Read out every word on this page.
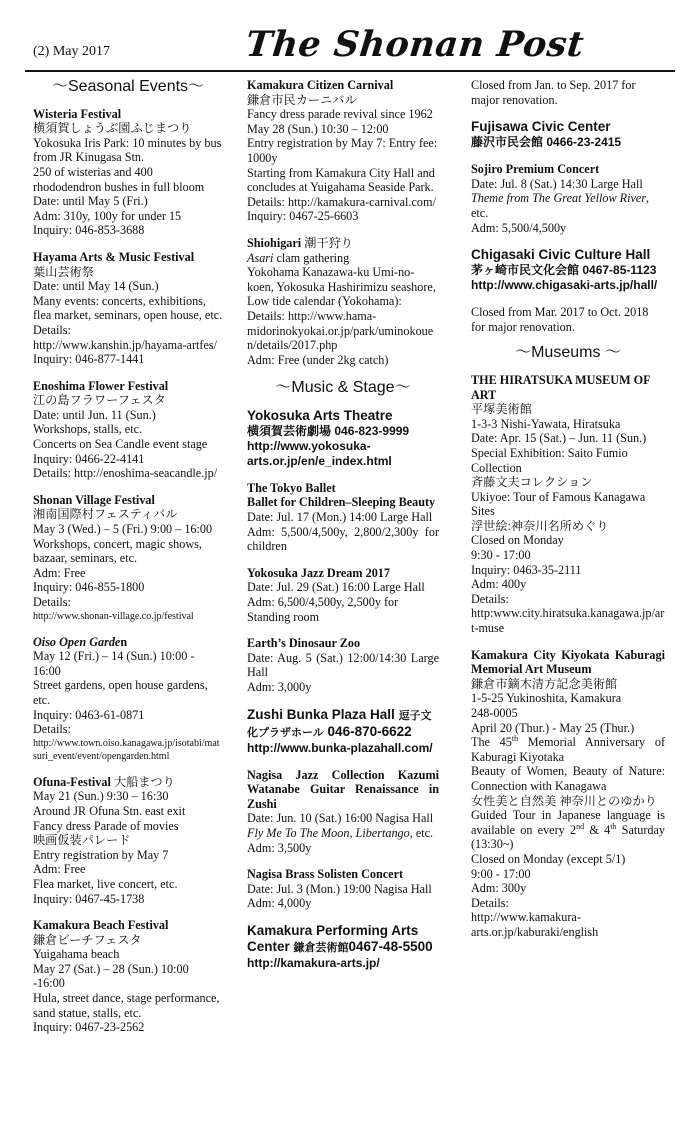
(2) May 2017	The Shonan Post
～Seasonal Events～
Wisteria Festival
横須賀しょうぶ園ふじまつり
Yokosuka Iris Park: 10 minutes by bus from JR Kinugasa Stn.
250 of wisterias and 400 rhododendron bushes in full bloom
Date: until May 5 (Fri.)
Adm: 310y, 100y for under 15
Inquiry: 046-853-3688
Hayama Arts & Music Festival
葉山芸術祭
Date: until May 14 (Sun.)
Many events: concerts, exhibitions, flea market, seminars, open house, etc.
Details:
http://www.kanshin.jp/hayama-artfes/
Inquiry: 046-877-1441
Enoshima Flower Festival
江の島フラワーフェスタ
Date: until Jun. 11 (Sun.)
Workshops, stalls, etc.
Concerts on Sea Candle event stage
Inquiry: 0466-22-4141
Details: http://enoshima-seacandle.jp/
Shonan Village Festival
湘南国際村フェスティバル
May 3 (Wed.) – 5 (Fri.) 9:00 – 16:00
Workshops, concert, magic shows, bazaar, seminars, etc.
Adm: Free
Inquiry: 046-855-1800
Details:
http://www.shonan-village.co.jp/festival
Oiso Open Garden
May 12 (Fri.) – 14 (Sun.) 10:00 - 16:00
Street gardens, open house gardens, etc.
Inquiry: 0463-61-0871
Details:
http://www.town.oiso.kanagawa.jp/isotabi/matsuri_event/event/opengarden.html
Ofuna-Festival 大船まつり
May 21 (Sun.) 9:30 – 16:30
Around JR Ofuna Stn. east exit
Fancy dress Parade of movies
映画仮装パレード
Entry registration by May 7
Adm: Free
Flea market, live concert, etc.
Inquiry: 0467-45-1738
Kamakura Beach Festival
鎌倉ビーチフェスタ
Yuigahama beach
May 27 (Sat.) – 28 (Sun.) 10:00 -16:00
Hula, street dance, stage performance, sand statue, stalls, etc.
Inquiry: 0467-23-2562
Kamakura Citizen Carnival
鎌倉市民カーニバル
Fancy dress parade revival since 1962
May 28 (Sun.) 10:30 – 12:00
Entry registration by May 7: Entry fee: 1000y
Starting from Kamakura City Hall and concludes at Yuigahama Seaside Park.
Details: http://kamakura-carnival.com/
Inquiry: 0467-25-6603
Shiohigari 潮干狩り
Asari clam gathering
Yokohama Kanazawa-ku Umi-no-koen, Yokosuka Hashirimizu seashore,
Low tide calendar (Yokohama): Details: http://www.hama-midorinokyokai.or.jp/park/uminokouen/details/2017.php
Adm: Free (under 2kg catch)
～Music & Stage～
Yokosuka Arts Theatre
横須賀芸術劇場 046-823-9999
http://www.yokosuka-arts.or.jp/en/e_index.html
The Tokyo Ballet
Ballet for Children–Sleeping Beauty
Date: Jul. 17 (Mon.) 14:00 Large Hall
Adm: 5,500/4,500y, 2,800/2,300y for children
Yokosuka Jazz Dream 2017
Date: Jul. 29 (Sat.) 16:00 Large Hall
Adm: 6,500/4,500y, 2,500y for Standing room
Earth’s Dinosaur Zoo
Date: Aug. 5 (Sat.) 12:00/14:30 Large Hall
Adm: 3,000y
Zushi Bunka Plaza Hall 逗子文化プラザホール 046-870-6622
http://www.bunka-plazahall.com/
Nagisa Jazz Collection Kazumi Watanabe Guitar Renaissance in Zushi
Date: Jun. 10 (Sat.) 16:00 Nagisa Hall
Fly Me To The Moon, Libertango, etc.
Adm: 3,500y
Nagisa Brass Solisten Concert
Date: Jul. 3 (Mon.) 19:00 Nagisa Hall
Adm: 4,000y
Kamakura Performing Arts Center 鎌倉芸術館0467-48-5500
http://kamakura-arts.jp/
Closed from Jan. to Sep. 2017 for major renovation.
Fujisawa Civic Center
藤沢市民会館 0466-23-2415
Sojiro Premium Concert
Date: Jul. 8 (Sat.) 14:30 Large Hall
Theme from The Great Yellow River, etc.
Adm: 5,500/4,500y
Chigasaki Civic Culture Hall
茅ヶ崎市民文化会館 0467-85-1123
http://www.chigasaki-arts.jp/hall/
Closed from Mar. 2017 to Oct. 2018 for major renovation.
～Museums ～
THE HIRATSUKA MUSEUM OF ART
平塚美術館
1-3-3 Nishi-Yawata, Hiratsuka
Date: Apr. 15 (Sat.) – Jun. 11 (Sun.)
Special Exhibition: Saito Fumio Collection
斉藤文夫コレクション
Ukiyoe: Tour of Famous Kanagawa Sites
浮世絵:神奈川名所めぐり
Closed on Monday
9:30 - 17:00
Inquiry: 0463-35-2111
Adm: 400y
Details:
http:www.city.hiratsuka.kanagawa.jp/art-muse
Kamakura City Kiyokata Kaburagi Memorial Art Museum
鎌倉市鏑木清方記念美術館
1-5-25 Yukinoshita, Kamakura
248-0005
April 20 (Thur.) - May 25 (Thur.)
The 45th Memorial Anniversary of Kaburagi Kiyotaka
Beauty of Women, Beauty of Nature: Connection with Kanagawa
女性美と自然美 神奈川とのゆかり
Guided Tour in Japanese language is available on every 2nd & 4th Saturday (13:30~)
Closed on Monday (except 5/1)
9:00 - 17:00
Adm: 300y
Details:
http://www.kamakura-arts.or.jp/kaburaki/english
